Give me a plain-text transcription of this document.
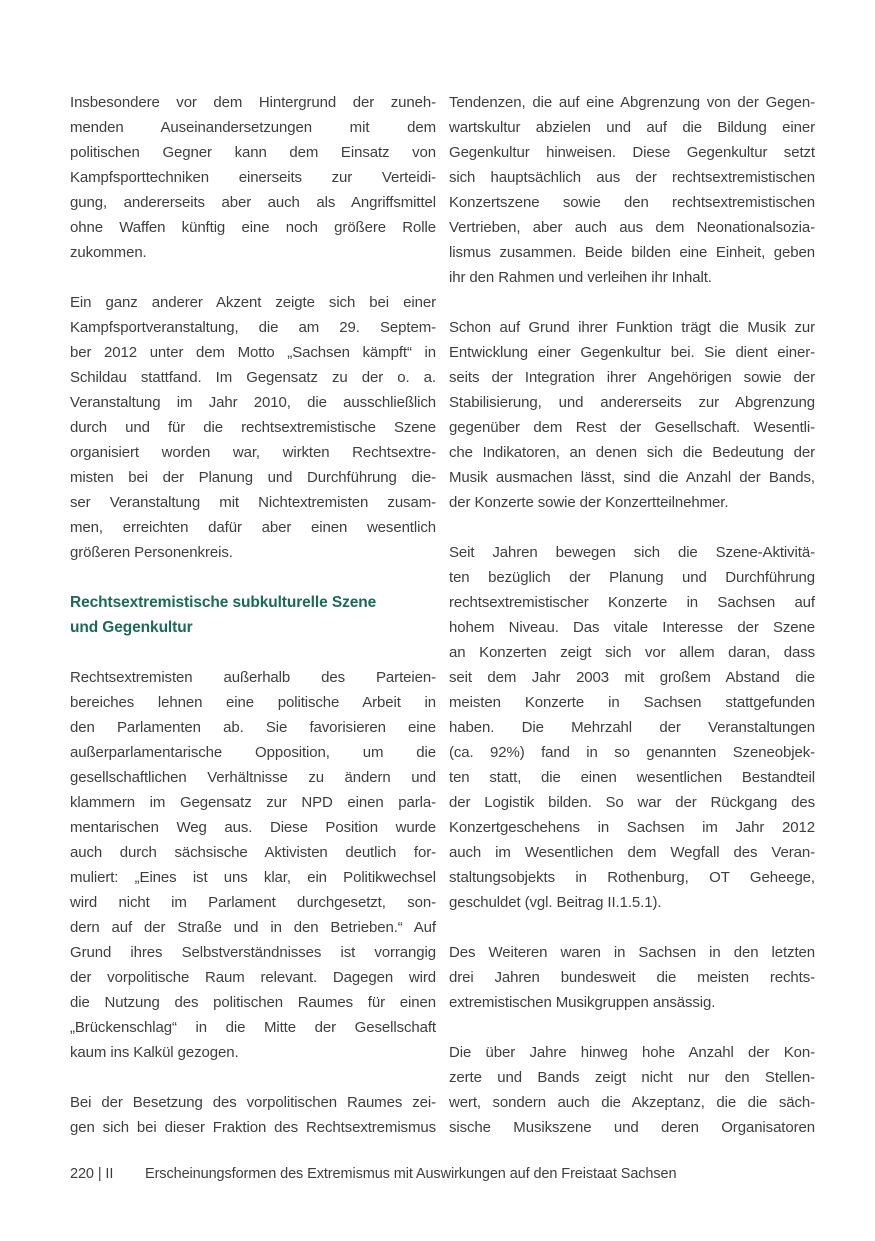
Insbesondere vor dem Hintergrund der zuneh-
menden Auseinandersetzungen mit dem
politischen Gegner kann dem Einsatz von
Kampfsporttechniken einerseits zur Verteidi-
gung, andererseits aber auch als Angriffsmittel
ohne Waffen künftig eine noch größere Rolle
zukommen.
Ein ganz anderer Akzent zeigte sich bei einer
Kampfsportveranstaltung, die am 29. Septem-
ber 2012 unter dem Motto „Sachsen kämpft“ in
Schildau stattfand. Im Gegensatz zu der o. a.
Veranstaltung im Jahr 2010, die ausschließlich
durch und für die rechtsextremistische Szene
organisiert worden war, wirkten Rechtsextre-
misten bei der Planung und Durchführung die-
ser Veranstaltung mit Nichtextremisten zusam-
men, erreichten dafür aber einen wesentlich
größeren Personenkreis.
Rechtsextremistische subkulturelle Szene
und Gegenkultur
Rechtsextremisten außerhalb des Parteien-
bereiches lehnen eine politische Arbeit in
den Parlamenten ab. Sie favorisieren eine
außerparlamentarische Opposition, um die
gesellschaftlichen Verhältnisse zu ändern und
klammern im Gegensatz zur NPD einen parla-
mentarischen Weg aus. Diese Position wurde
auch durch sächsische Aktivisten deutlich for-
muliert: „Eines ist uns klar, ein Politikwechsel
wird nicht im Parlament durchgesetzt, son-
dern auf der Straße und in den Betrieben.“ Auf
Grund ihres Selbstverständnisses ist vorrangig
der vorpolitische Raum relevant. Dagegen wird
die Nutzung des politischen Raumes für einen
„Brückenschlag“ in die Mitte der Gesellschaft
kaum ins Kalkül gezogen.
Bei der Besetzung des vorpolitischen Raumes zei-
gen sich bei dieser Fraktion des Rechtsextremismus
Tendenzen, die auf eine Abgrenzung von der Gegen-
wartskultur abzielen und auf die Bildung einer
Gegenkultur hinweisen. Diese Gegenkultur setzt
sich hauptsächlich aus der rechtsextremistischen
Konzertszene sowie den rechtsextremistischen
Vertrieben, aber auch aus dem Neonationalsozia-
lismus zusammen. Beide bilden eine Einheit, geben
ihr den Rahmen und verleihen ihr Inhalt.
Schon auf Grund ihrer Funktion trägt die Musik zur
Entwicklung einer Gegenkultur bei. Sie dient einer-
seits der Integration ihrer Angehörigen sowie der
Stabilisierung, und andererseits zur Abgrenzung
gegenüber dem Rest der Gesellschaft. Wesentli-
che Indikatoren, an denen sich die Bedeutung der
Musik ausmachen lässt, sind die Anzahl der Bands,
der Konzerte sowie der Konzertteilnehmer.
Seit Jahren bewegen sich die Szene-Aktivitä-
ten bezüglich der Planung und Durchführung
rechtsextremistischer Konzerte in Sachsen auf
hohem Niveau. Das vitale Interesse der Szene
an Konzerten zeigt sich vor allem daran, dass
seit dem Jahr 2003 mit großem Abstand die
meisten Konzerte in Sachsen stattgefunden
haben. Die Mehrzahl der Veranstaltungen
(ca. 92%) fand in so genannten Szeneobjek-
ten statt, die einen wesentlichen Bestandteil
der Logistik bilden. So war der Rückgang des
Konzertgeschehens in Sachsen im Jahr 2012
auch im Wesentlichen dem Wegfall des Veran-
staltungsobjekts in Rothenburg, OT Geheege,
geschuldet (vgl. Beitrag II.1.5.1).
Des Weiteren waren in Sachsen in den letzten
drei Jahren bundesweit die meisten rechts-
extremistischen Musikgruppen ansässig.
Die über Jahre hinweg hohe Anzahl der Kon-
zerte und Bands zeigt nicht nur den Stellen-
wert, sondern auch die Akzeptanz, die die säch-
sische Musikszene und deren Organisatoren
220 | II Erscheinungsformen des Extremismus mit Auswirkungen auf den Freistaat Sachsen
